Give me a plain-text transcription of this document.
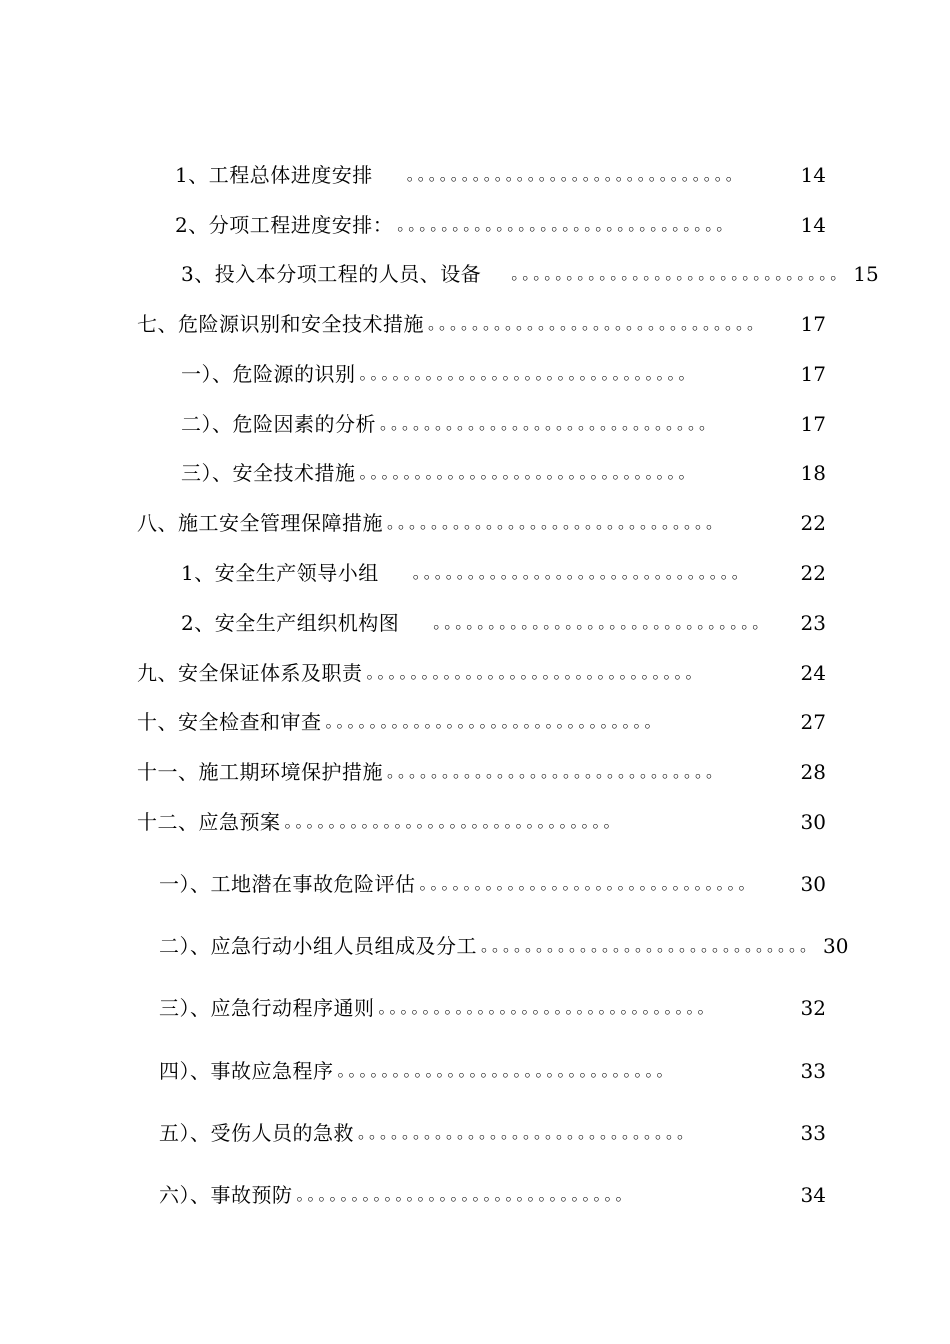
1、工程总体进度安排	。。。。。。。。。。。。。。。。。。。。。。。。。。。。。。	14
2、分项工程进度安排： 。。。。。。。。。。。。。。。。。。。。。。。。。。。。。。	14
3、投入本分项工程的人员、设备	。。。。。。。。。。。。。。。。。。。。。。。。。。。。。。 15
七、危险源识别和安全技术措施 。。。。。。。。。。。。。。。。。。。。。。。。。。。。。。	17
一）、危险源的识别 。。。。。。。。。。。。。。。。。。。。。。。。。。。。。。	17
二）、危险因素的分析 。。。。。。。。。。。。。。。。。。。。。。。。。。。。。。	17
三）、安全技术措施 。。。。。。。。。。。。。。。。。。。。。。。。。。。。。。	18
八、施工安全管理保障措施 。。。。。。。。。。。。。。。。。。。。。。。。。。。。。。	22
1、安全生产领导小组	。。。。。。。。。。。。。。。。。。。。。。。。。。。。。。	22
2、安全生产组织机构图	。。。。。。。。。。。。。。。。。。。。。。。。。。。。。。	23
九、安全保证体系及职责 。。。。。。。。。。。。。。。。。。。。。。。。。。。。。。	24
十、安全检查和审查 。。。。。。。。。。。。。。。。。。。。。。。。。。。。。。	27
十一、施工期环境保护措施 。。。。。。。。。。。。。。。。。。。。。。。。。。。。。。	28
十二、应急预案 。。。。。。。。。。。。。。。。。。。。。。。。。。。。。。	30
一）、工地潜在事故危险评估 。。。。。。。。。。。。。。。。。。。。。。。。。。。。。。	30
二）、应急行动小组人员组成及分工 。。。。。。。。。。。。。。。。。。。。。。。。。。。。。。 30
三）、应急行动程序通则 。。。。。。。。。。。。。。。。。。。。。。。。。。。。。。	32
四）、事故应急程序 。。。。。。。。。。。。。。。。。。。。。。。。。。。。。。	33
五）、受伤人员的急救 。。。。。。。。。。。。。。。。。。。。。。。。。。。。。。	33
六）、事故预防 。。。。。。。。。。。。。。。。。。。。。。。。。。。。。。	34
